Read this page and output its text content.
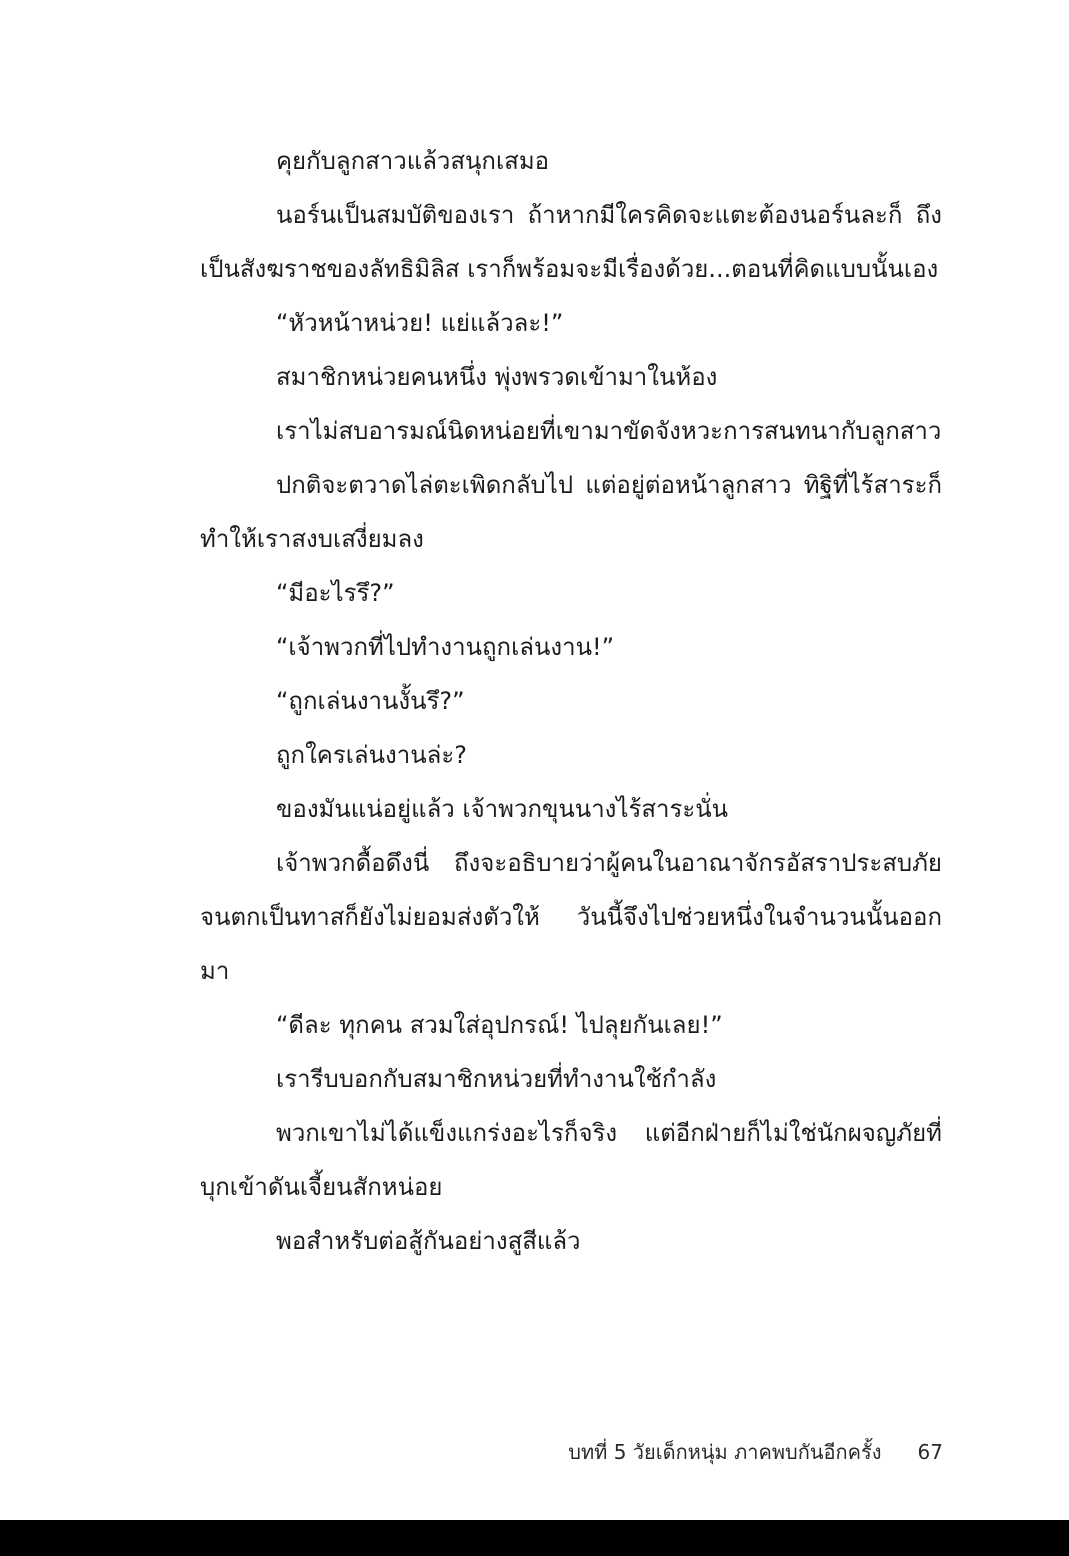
คุยกับลูกสาวแล้วสนุกเสมอ

นอร์นเป็นสมบัติของเรา ถ้าหากมีใครคิดจะแตะต้องนอร์นละก็ ถึงเป็นสังฆราชของลัทธิมิลิส เราก็พร้อมจะมีเรื่องด้วย...ตอนที่คิดแบบนั้นเอง

“หัวหน้าหน่วย! แย่แล้วละ!”

สมาชิกหน่วยคนหนึ่ง พุ่งพรวดเข้ามาในห้อง

เราไม่สบอารมณ์นิดหน่อยที่เขามาขัดจังหวะการสนทนากับลูกสาว

ปกติจะตวาดไล่ตะเพิดกลับไป แต่อยู่ต่อหน้าลูกสาว ทิฐิที่ไร้สาระก็ทำให้เราสงบเสงี่ยมลง

“มีอะไรรึ?”

“เจ้าพวกที่ไปทำงานถูกเล่นงาน!”

“ถูกเล่นงานงั้นรึ?”

ถูกใครเล่นงานล่ะ?

ของมันแน่อยู่แล้ว เจ้าพวกขุนนางไร้สาระนั่น

เจ้าพวกดื้อดึงนี่ ถึงจะอธิบายว่าผู้คนในอาณาจักรอัสราประสบภัยจนตกเป็นทาสก็ยังไม่ยอมส่งตัวให้ วันนี้จึงไปช่วยหนึ่งในจำนวนนั้นออกมา

“ดีละ ทุกคน สวมใส่อุปกรณ์! ไปลุยกันเลย!”

เรารีบบอกกับสมาชิกหน่วยที่ทำงานใช้กำลัง

พวกเขาไม่ได้แข็งแกร่งอะไรก็จริง แต่อีกฝ่ายก็ไม่ใช่นักผจญภัยที่บุกเข้าดันเจี้ยนสักหน่อย

พอสำหรับต่อสู้กันอย่างสูสีแล้ว

บทที่ 5 วัยเด็กหนุ่ม ภาคพบกันอีกครั้ง 67
